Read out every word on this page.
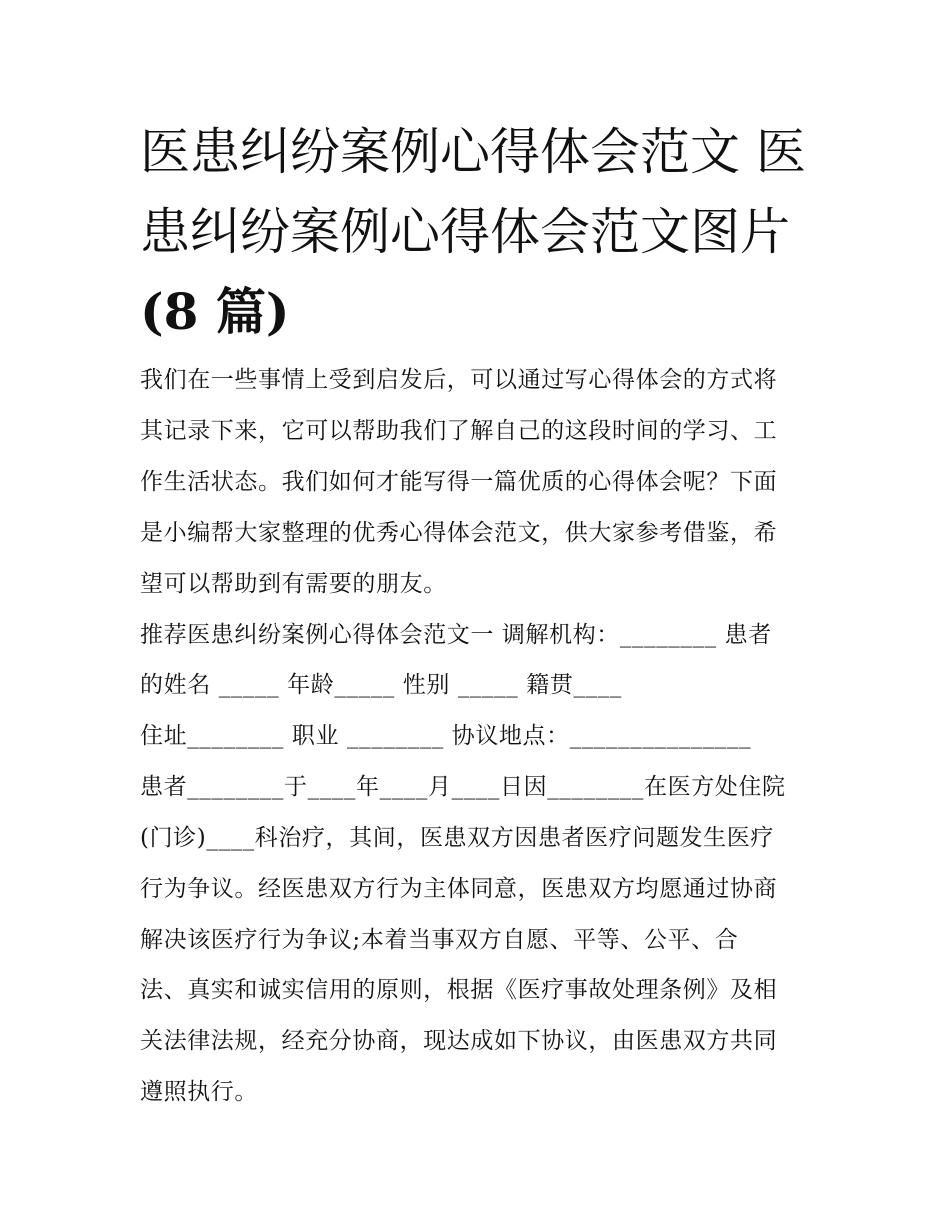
医患纠纷案例心得体会范文 医患纠纷案例心得体会范文图片
(8 篇)
我们在一些事情上受到启发后，可以通过写心得体会的方式将
其记录下来，它可以帮助我们了解自己的这段时间的学习、工
作生活状态。我们如何才能写得一篇优质的心得体会呢？下面
是小编帮大家整理的优秀心得体会范文，供大家参考借鉴，希
望可以帮助到有需要的朋友。
推荐医患纠纷案例心得体会范文一 调解机构：________ 患者
的姓名 _____ 年龄_____ 性别 _____ 籍贯____
住址________ 职业 ________ 协议地点：_______________
患者________于____年____月____日因________在医方处住院
(门诊)____科治疗，其间，医患双方因患者医疗问题发生医疗
行为争议。经医患双方行为主体同意，医患双方均愿通过协商
解决该医疗行为争议;本着当事双方自愿、平等、公平、合
法、真实和诚实信用的原则，根据《医疗事故处理条例》及相
关法律法规，经充分协商，现达成如下协议，由医患双方共同
遵照执行。
